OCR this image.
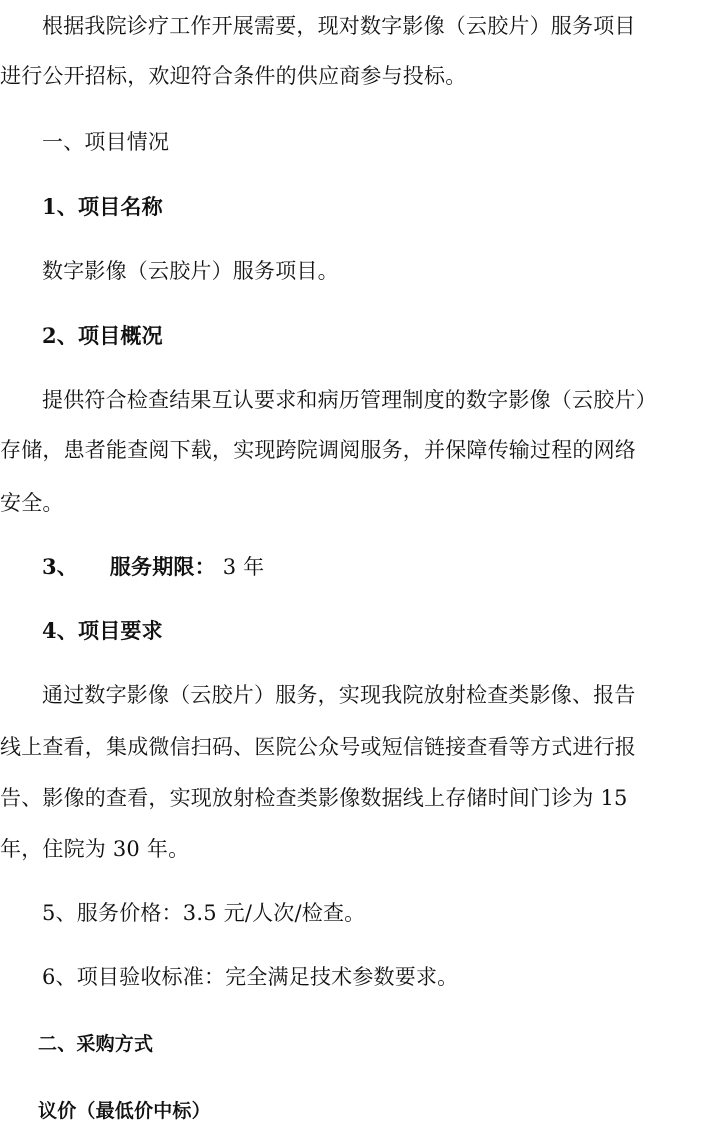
根据我院诊疗工作开展需要，现对数字影像（云胶片）服务项目
进行公开招标，欢迎符合条件的供应商参与投标。
一、项目情况
1、项目名称
数字影像（云胶片）服务项目。
2、项目概况
提供符合检查结果互认要求和病历管理制度的数字影像（云胶片）
存储，患者能查阅下载，实现跨院调阅服务，并保障传输过程的网络
安全。
3、 服务期限： 3 年
4、项目要求
通过数字影像（云胶片）服务，实现我院放射检查类影像、报告
线上查看，集成微信扫码、医院公众号或短信链接查看等方式进行报
告、影像的查看，实现放射检查类影像数据线上存储时间门诊为 15
年，住院为 30 年。
5、服务价格：3.5 元/人次/检查。
6、项目验收标准：完全满足技术参数要求。
二、采购方式
议价（最低价中标）
